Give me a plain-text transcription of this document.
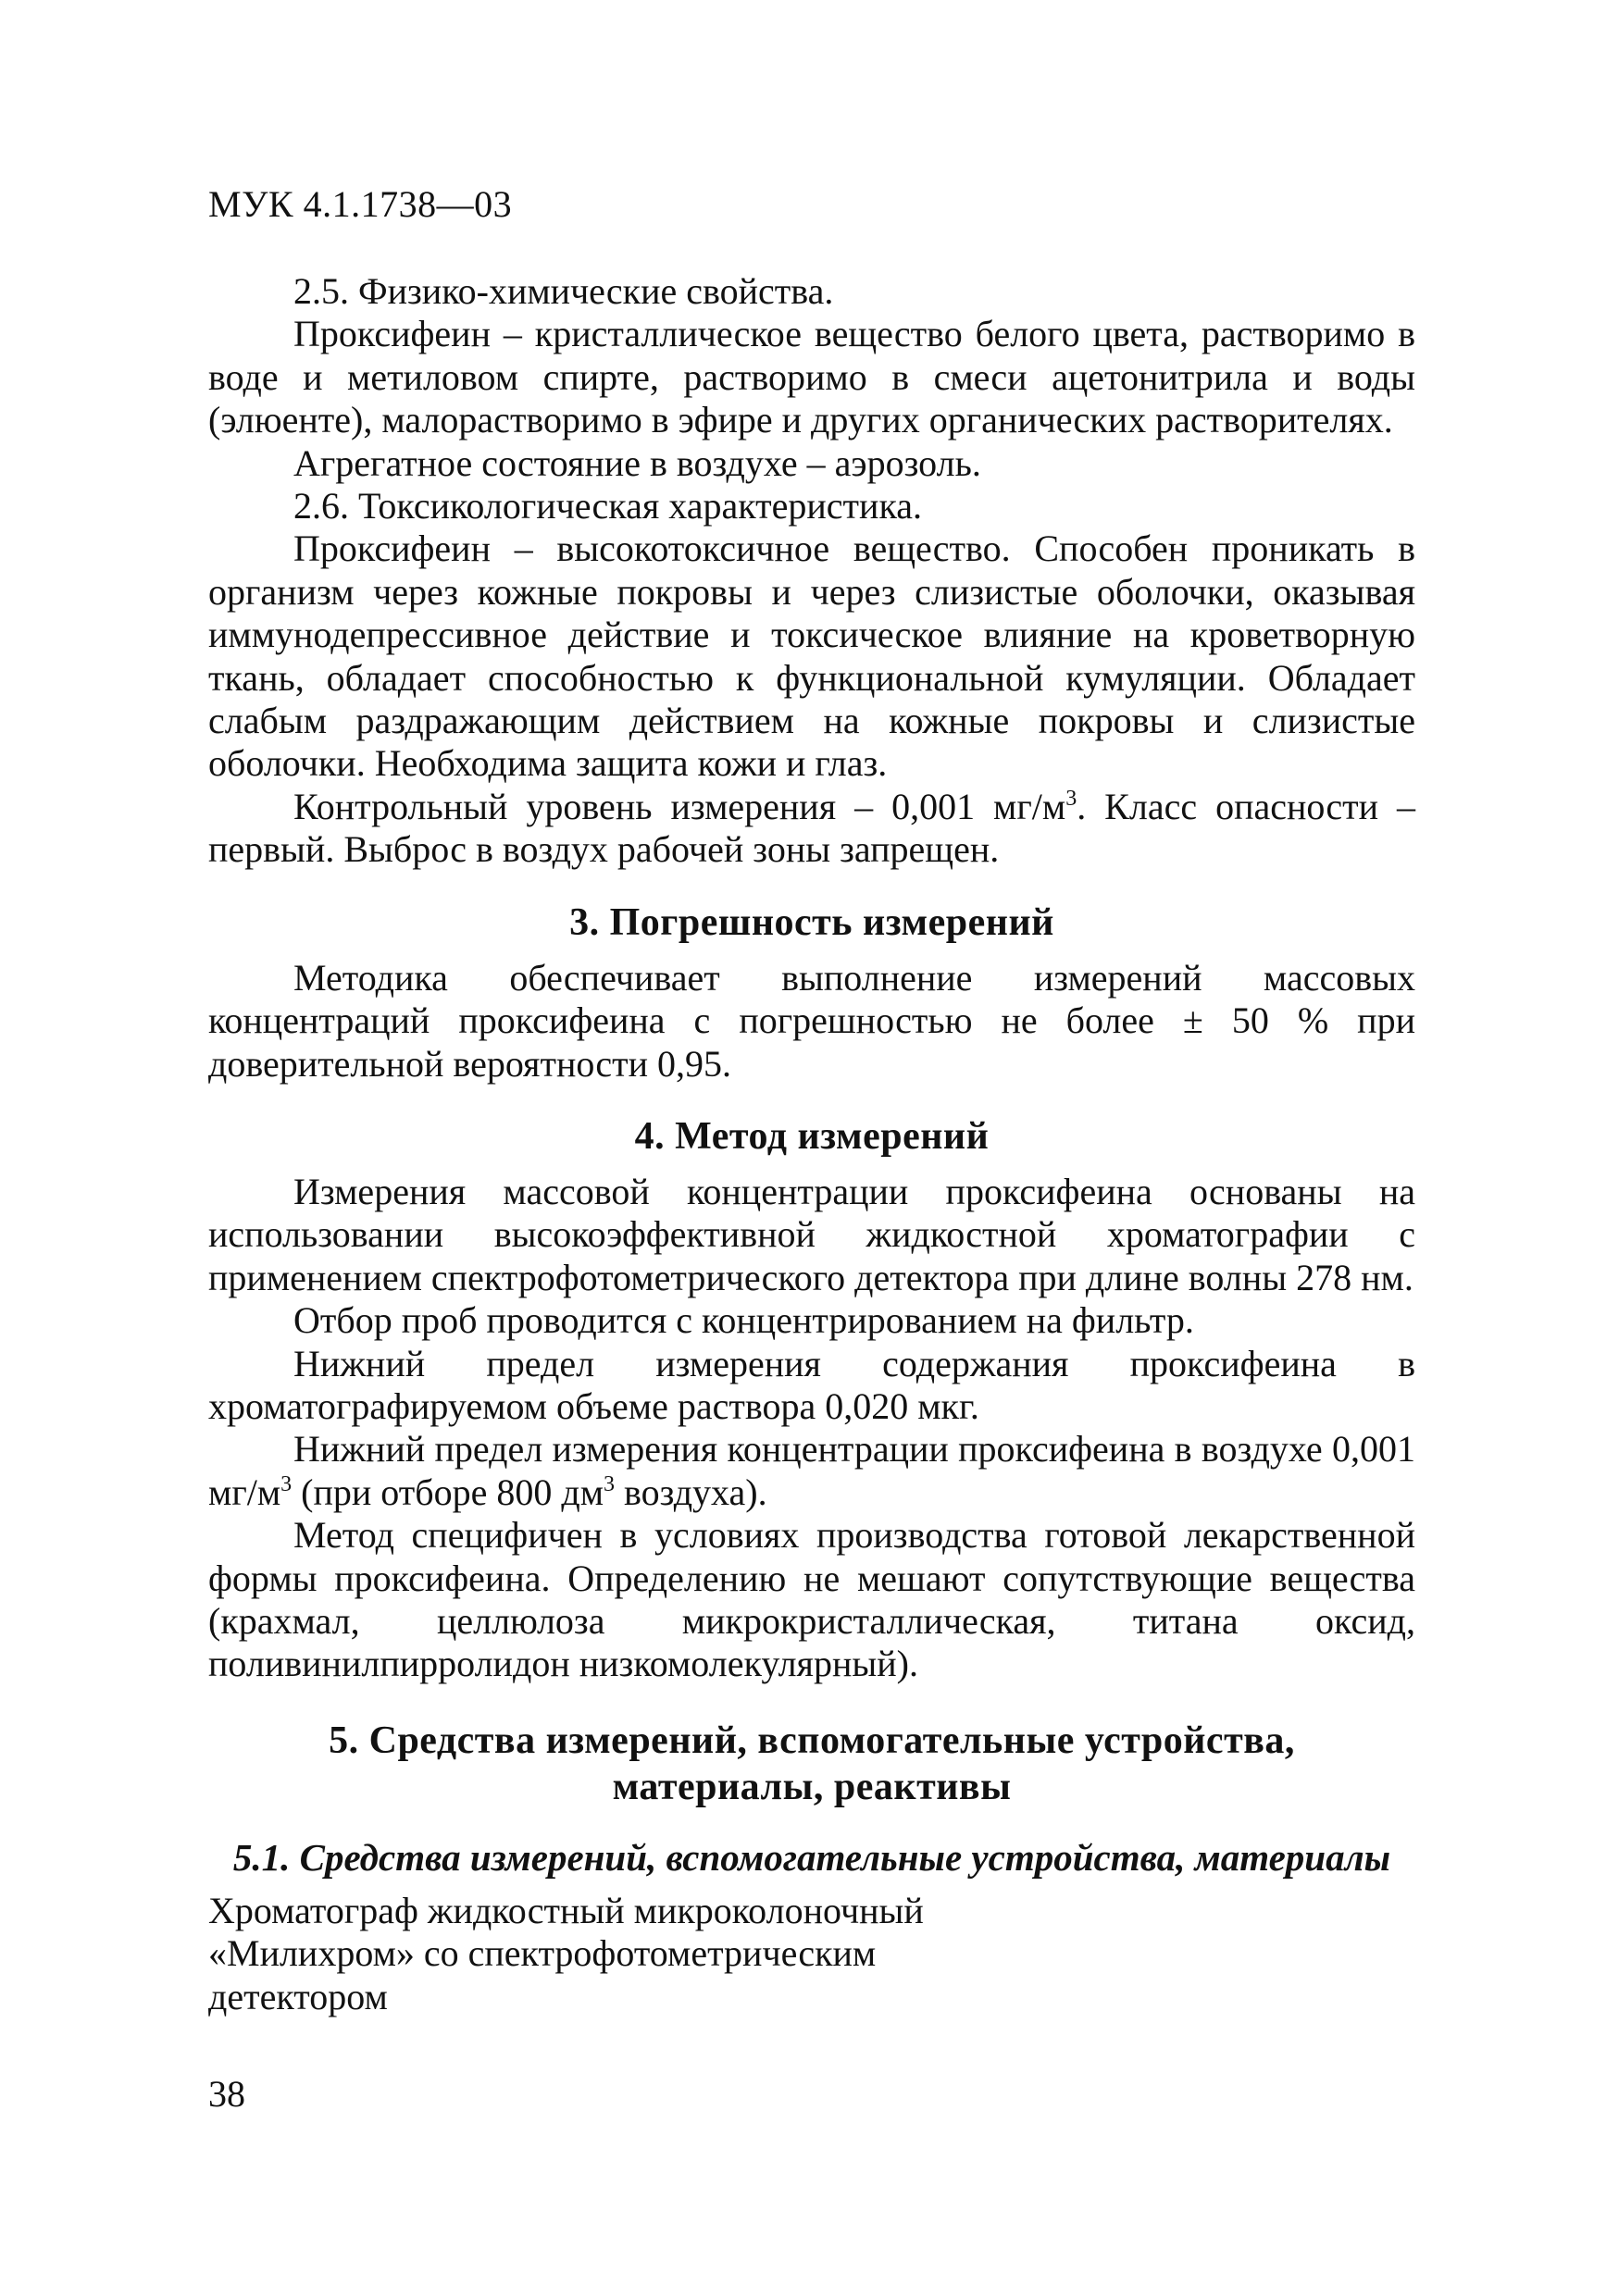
МУК 4.1.1738—03

2.5. Физико-химические свойства.

Проксифеин – кристаллическое вещество белого цвета, растворимо в воде и метиловом спирте, растворимо в смеси ацетонитрила и воды (элюенте), малорастворимо в эфире и других органических растворителях.

Агрегатное состояние в воздухе – аэрозоль.

2.6. Токсикологическая характеристика.

Проксифеин – высокотоксичное вещество. Способен проникать в организм через кожные покровы и через слизистые оболочки, оказывая иммунодепрессивное действие и токсическое влияние на кроветворную ткань, обладает способностью к функциональной кумуляции. Обладает слабым раздражающим действием на кожные покровы и слизистые оболочки. Необходима защита кожи и глаз.

Контрольный уровень измерения – 0,001 $мг/м^3$. Класс опасности – первый. Выброс в воздух рабочей зоны запрещен.

3. Погрешность измерений

Методика обеспечивает выполнение измерений массовых концентраций проксифеина с погрешностью не более ± 50 % при доверительной вероятности 0,95.

4. Метод измерений

Измерения массовой концентрации проксифеина основаны на использовании высокоэффективной жидкостной хроматографии с применением спектрофотометрического детектора при длине волны 278 нм.

Отбор проб проводится с концентрированием на фильтр.

Нижний предел измерения содержания проксифеина в хроматографируемом объеме раствора 0,020 мкг.

Нижний предел измерения концентрации проксифеина в воздухе 0,001 $мг/м^3$ (при отборе 800 $дм^3$ воздуха).

Метод специфичен в условиях производства готовой лекарственной формы проксифеина. Определению не мешают сопутствующие вещества (крахмал, целлюлоза микрокристаллическая, титана оксид, поливинилпирролидон низкомолекулярный).

5. Средства измерений, вспомогательные устройства,
материалы, реактивы
5.1. Средства измерений, вспомогательные устройства, материалы

Хроматограф жидкостный микроколоночный
«Милихром» со спектрофотометрическим
детектором

38
